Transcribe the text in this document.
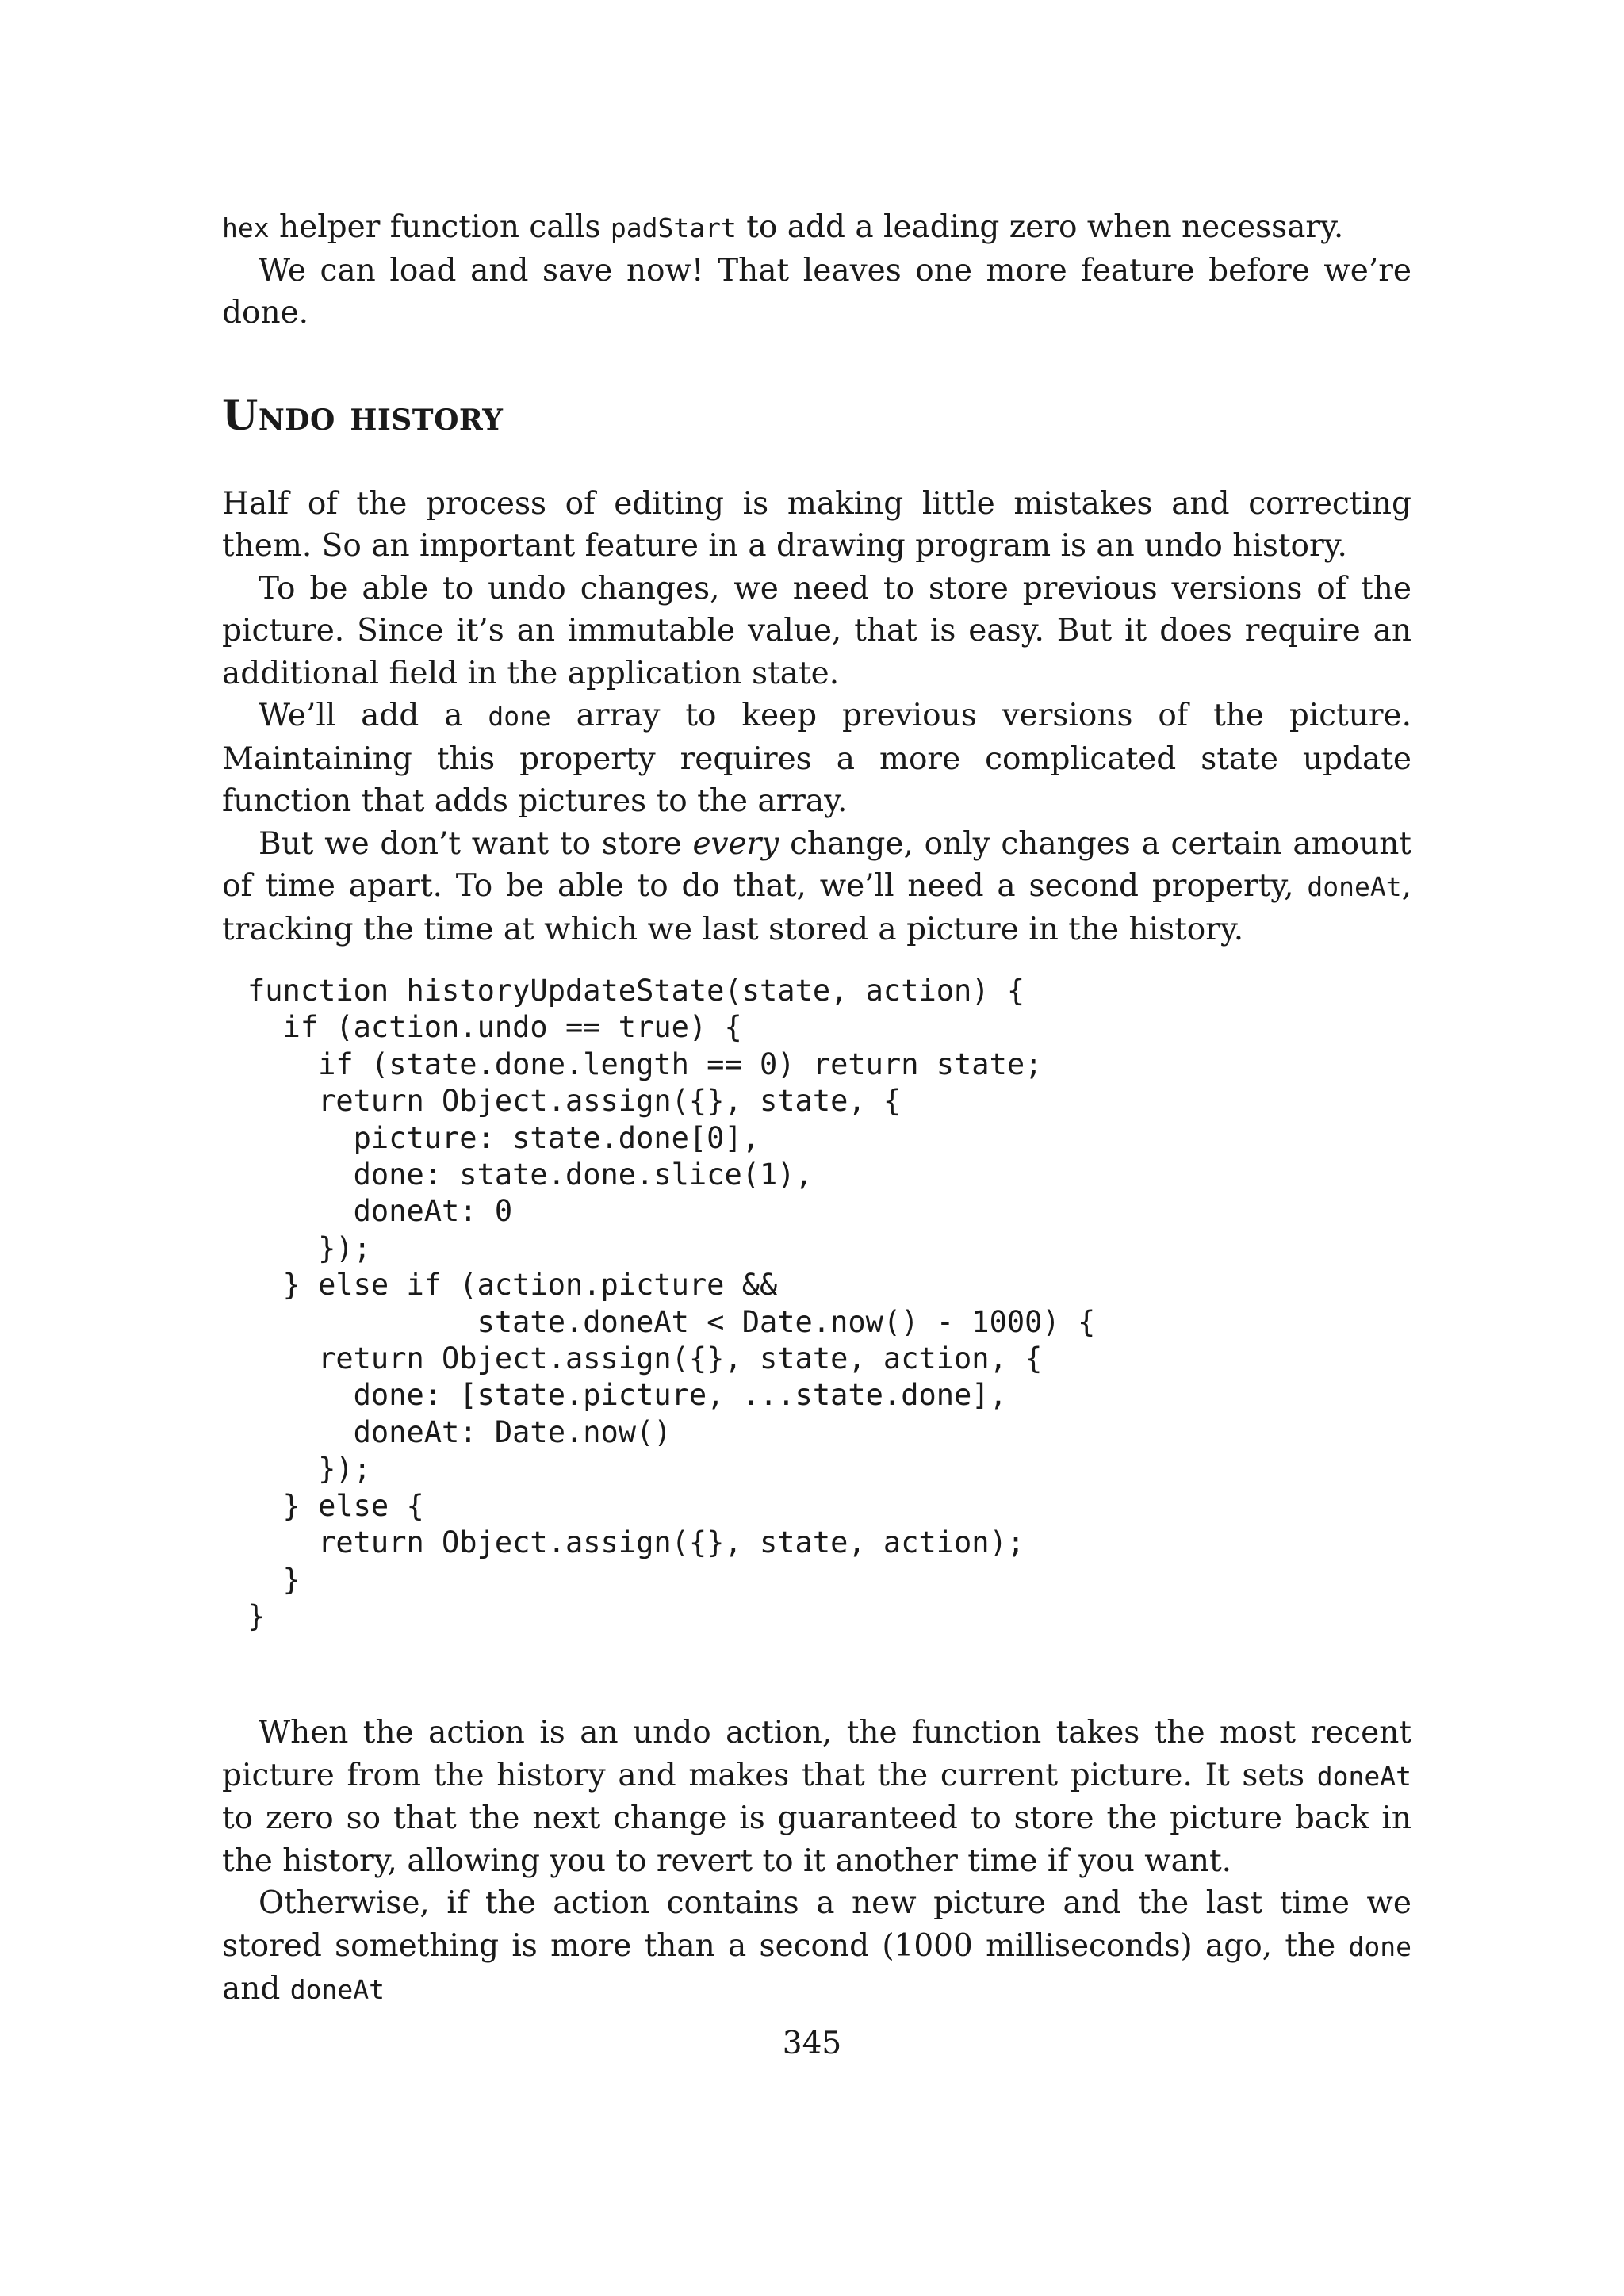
hex helper function calls padStart to add a leading zero when necessary.

We can load and save now! That leaves one more feature before we’re done.

Undo history

Half of the process of editing is making little mistakes and correcting them. So an important feature in a drawing program is an undo history.

To be able to undo changes, we need to store previous versions of the picture. Since it’s an immutable value, that is easy. But it does require an additional field in the application state.

We’ll add a done array to keep previous versions of the picture. Maintaining this property requires a more complicated state update function that adds pictures to the array.

But we don’t want to store every change, only changes a certain amount of time apart. To be able to do that, we’ll need a second property, doneAt, tracking the time at which we last stored a picture in the history.

function historyUpdateState(state, action) {
if (action.undo == true) {
if (state.done.length == 0) return state;
return Object.assign({}, state, {
picture: state.done[0],
done: state.done.slice(1),
doneAt: 0
});
} else if (action.picture &&
state.doneAt < Date.now() - 1000) {
return Object.assign({}, state, action, {
done: [state.picture, ...state.done],
doneAt: Date.now()
});
} else {
return Object.assign({}, state, action);
}
}

When the action is an undo action, the function takes the most recent picture from the history and makes that the current picture. It sets doneAt to zero so that the next change is guaranteed to store the picture back in the history, allowing you to revert to it another time if you want.

Otherwise, if the action contains a new picture and the last time we stored something is more than a second (1000 milliseconds) ago, the done and doneAt

345
